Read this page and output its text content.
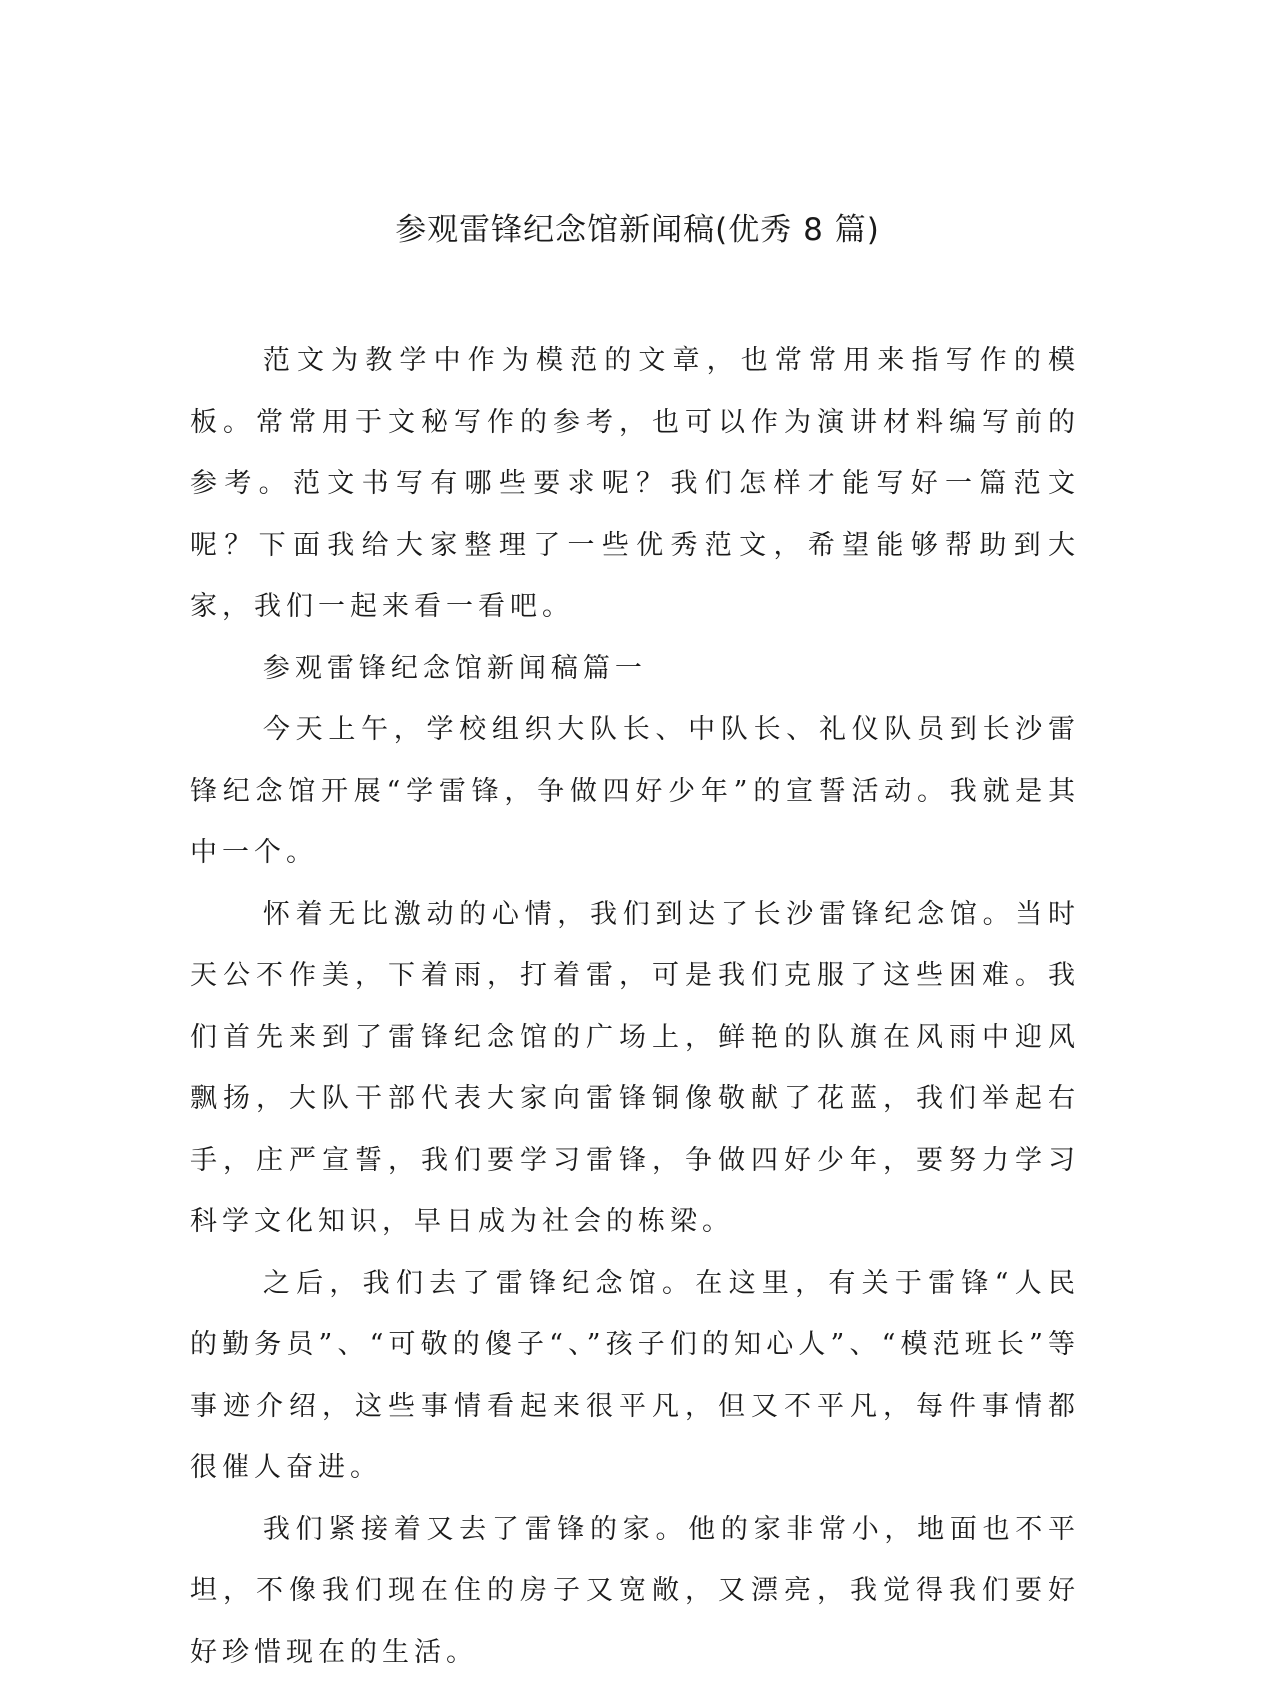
参观雷锋纪念馆新闻稿(优秀 8 篇)

范文为教学中作为模范的文章，也常常用来指写作的模板。常常用于文秘写作的参考，也可以作为演讲材料编写前的参考。范文书写有哪些要求呢？我们怎样才能写好一篇范文呢？下面我给大家整理了一些优秀范文，希望能够帮助到大家，我们一起来看一看吧。

参观雷锋纪念馆新闻稿篇一

今天上午，学校组织大队长、中队长、礼仪队员到长沙雷锋纪念馆开展“学雷锋，争做四好少年”的宣誓活动。我就是其中一个。

怀着无比激动的心情，我们到达了长沙雷锋纪念馆。当时天公不作美，下着雨，打着雷，可是我们克服了这些困难。我们首先来到了雷锋纪念馆的广场上，鲜艳的队旗在风雨中迎风飘扬，大队干部代表大家向雷锋铜像敬献了花蓝，我们举起右手，庄严宣誓，我们要学习雷锋，争做四好少年，要努力学习科学文化知识，早日成为社会的栋梁。

之后，我们去了雷锋纪念馆。在这里，有关于雷锋“人民的勤务员”、“可敬的傻子“、”孩子们的知心人”、“模范班长”等事迹介绍，这些事情看起来很平凡，但又不平凡，每件事情都很催人奋进。

我们紧接着又去了雷锋的家。他的家非常小，地面也不平坦，不像我们现在住的房子又宽敞，又漂亮，我觉得我们要好好珍惜现在的生活。
